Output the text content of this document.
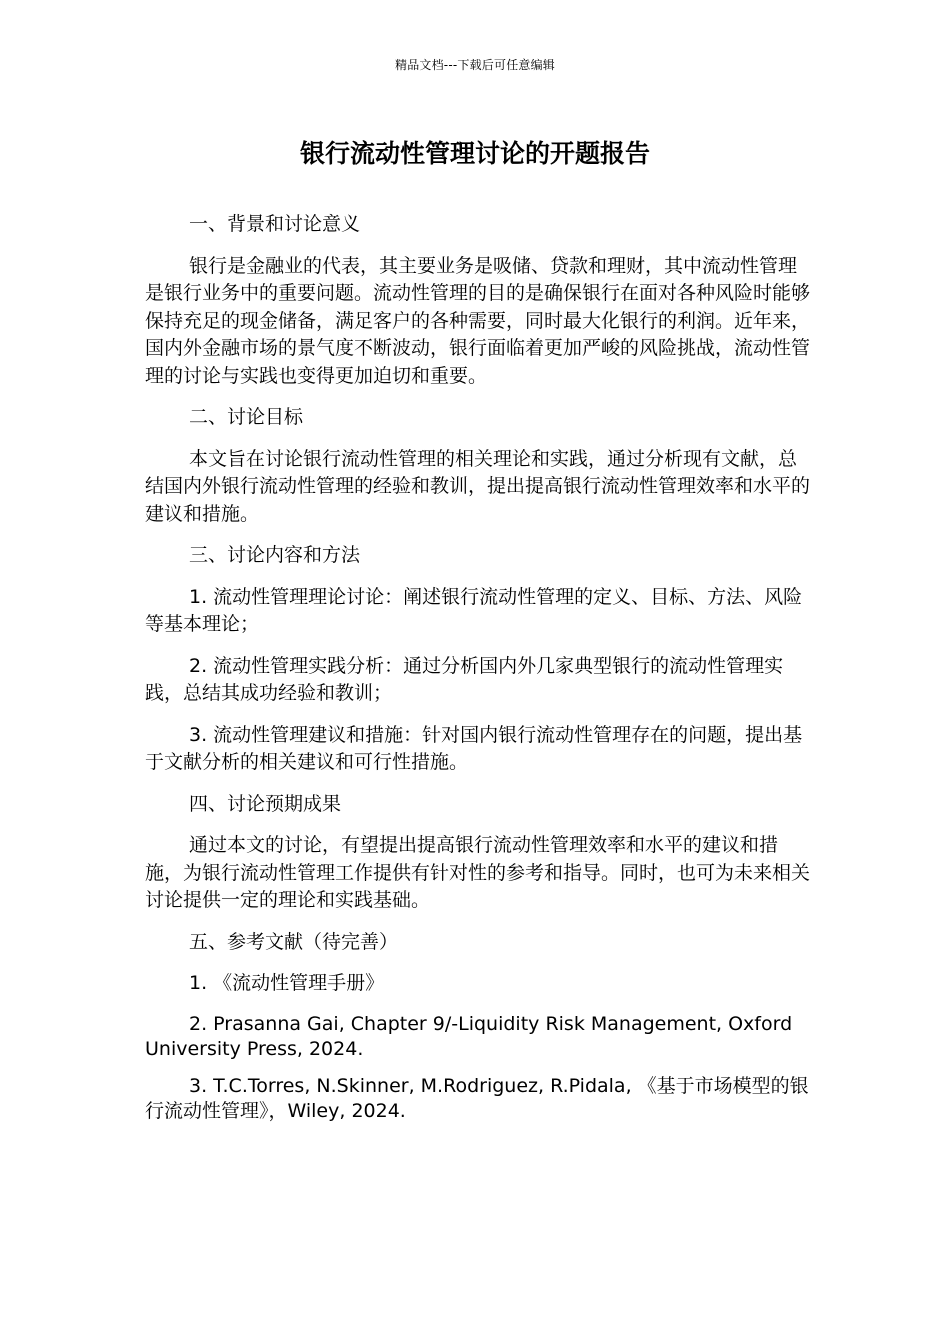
精品文档---下载后可任意编辑
银行流动性管理讨论的开题报告

一、背景和讨论意义

银行是金融业的代表，其主要业务是吸储、贷款和理财，其中流动性管理是银行业务中的重要问题。流动性管理的目的是确保银行在面对各种风险时能够保持充足的现金储备，满足客户的各种需要，同时最大化银行的利润。近年来，国内外金融市场的景气度不断波动，银行面临着更加严峻的风险挑战，流动性管理的讨论与实践也变得更加迫切和重要。

二、讨论目标

本文旨在讨论银行流动性管理的相关理论和实践，通过分析现有文献，总结国内外银行流动性管理的经验和教训，提出提高银行流动性管理效率和水平的建议和措施。

三、讨论内容和方法

1. 流动性管理理论讨论：阐述银行流动性管理的定义、目标、方法、风险等基本理论；

2. 流动性管理实践分析：通过分析国内外几家典型银行的流动性管理实践，总结其成功经验和教训；

3. 流动性管理建议和措施：针对国内银行流动性管理存在的问题，提出基于文献分析的相关建议和可行性措施。

四、讨论预期成果

通过本文的讨论，有望提出提高银行流动性管理效率和水平的建议和措施，为银行流动性管理工作提供有针对性的参考和指导。同时，也可为未来相关讨论提供一定的理论和实践基础。

五、参考文献（待完善）

1. 《流动性管理手册》

2. Prasanna Gai, Chapter 9/-Liquidity Risk Management, Oxford University Press, 2024.

3. T.C.Torres, N.Skinner, M.Rodriguez, R.Pidala, 《基于市场模型的银行流动性管理》，Wiley, 2024.
